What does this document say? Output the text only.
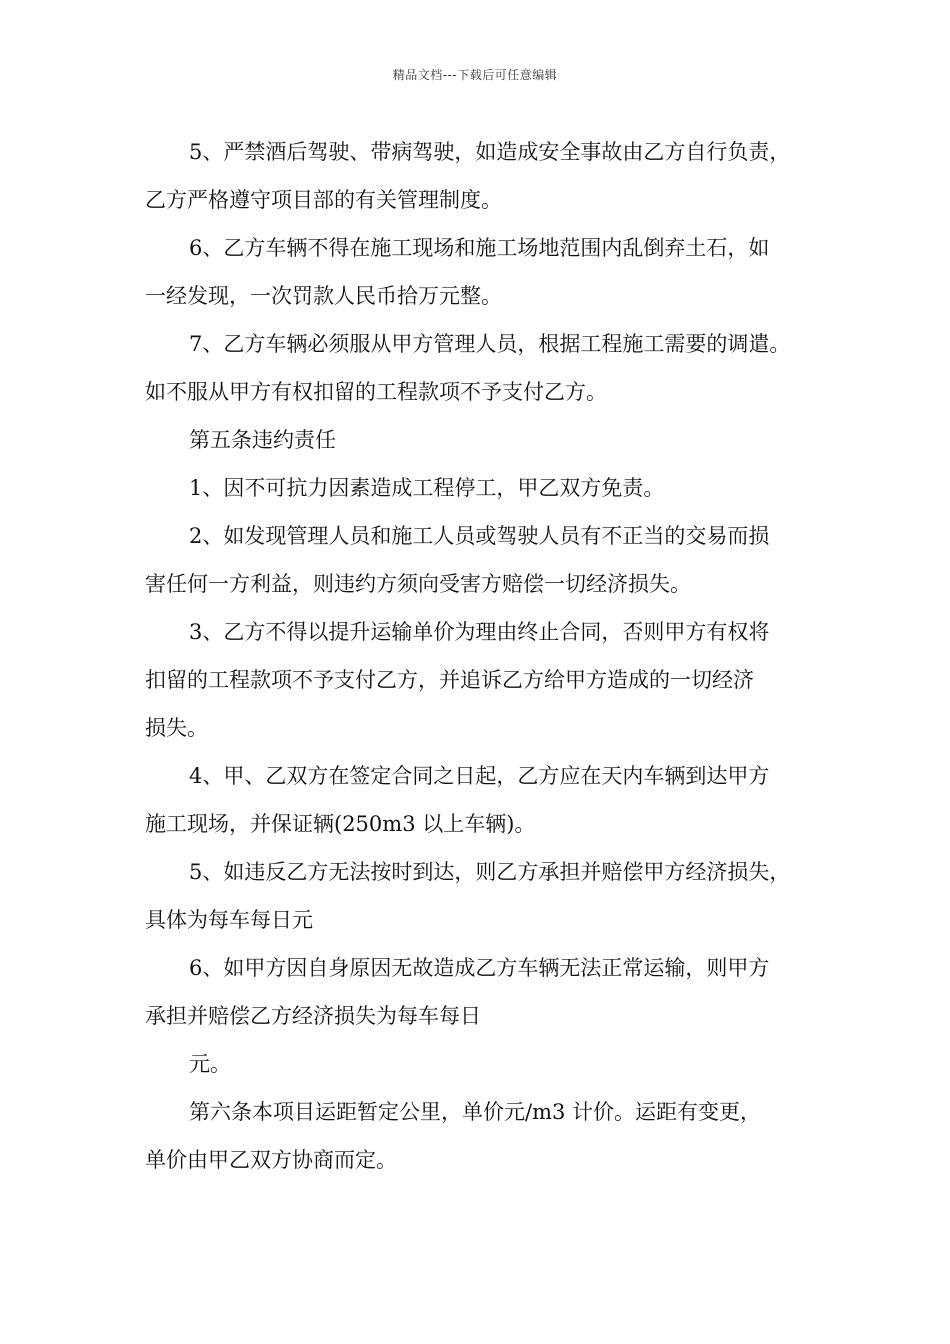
精品文档---下载后可任意编辑

5、严禁酒后驾驶、带病驾驶，如造成安全事故由乙方自行负责，

乙方严格遵守项目部的有关管理制度。

6、乙方车辆不得在施工现场和施工场地范围内乱倒弃土石，如

一经发现，一次罚款人民币拾万元整。

7、乙方车辆必须服从甲方管理人员，根据工程施工需要的调遣。

如不服从甲方有权扣留的工程款项不予支付乙方。

第五条违约责任

1、因不可抗力因素造成工程停工，甲乙双方免责。

2、如发现管理人员和施工人员或驾驶人员有不正当的交易而损

害任何一方利益，则违约方须向受害方赔偿一切经济损失。

3、乙方不得以提升运输单价为理由终止合同，否则甲方有权将

扣留的工程款项不予支付乙方，并追诉乙方给甲方造成的一切经济

损失。

4、甲、乙双方在签定合同之日起，乙方应在天内车辆到达甲方

施工现场，并保证辆(250m3 以上车辆)。

5、如违反乙方无法按时到达，则乙方承担并赔偿甲方经济损失，

具体为每车每日元

6、如甲方因自身原因无故造成乙方车辆无法正常运输，则甲方

承担并赔偿乙方经济损失为每车每日

元。

第六条本项目运距暂定公里，单价元/m3 计价。运距有变更，

单价由甲乙双方协商而定。
